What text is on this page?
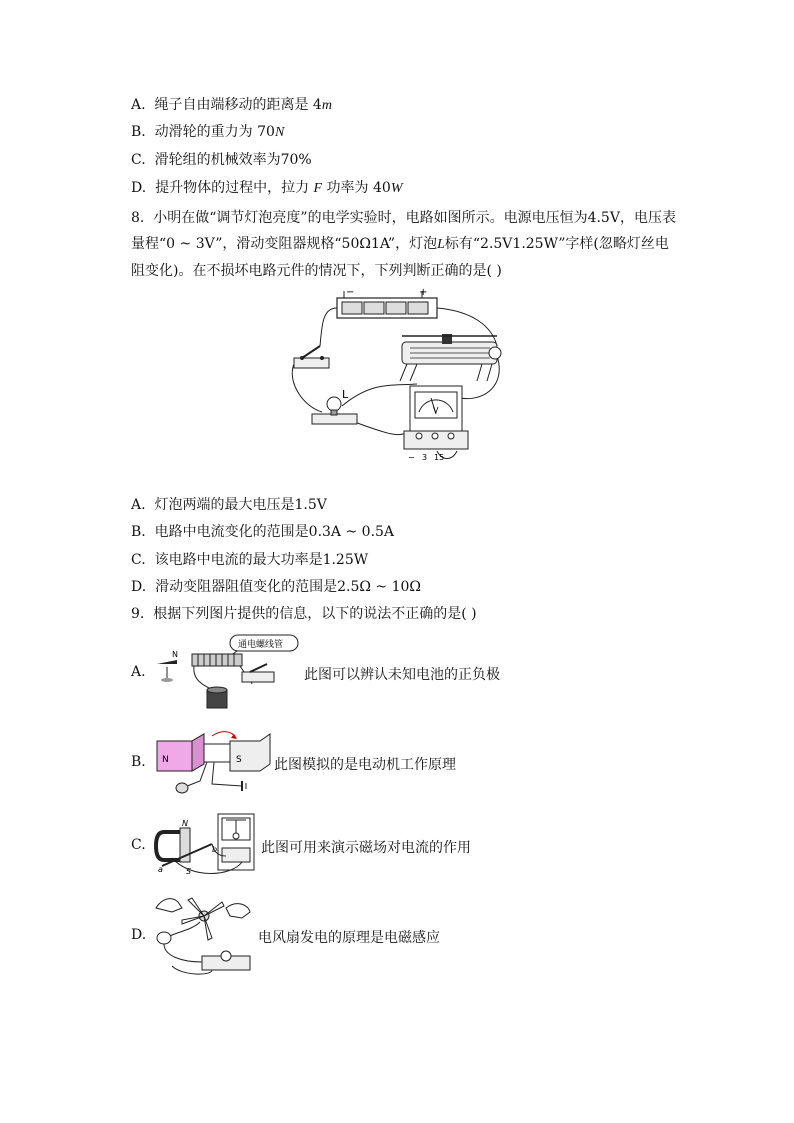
A. 绳子自由端移动的距离是 4m
B. 动滑轮的重力为 70N
C. 滑轮组的机械效率为70%
D. 提升物体的过程中，拉力 F 功率为 40W
8. 小明在做“调节灯泡亮度”的电学实验时，电路如图所示。电源电压恒为4.5V，电压表
量程“0 ~ 3V”，滑动变阻器规格“50Ω1A”，灯泡L标有“2.5V1.25W”字样(忽略灯丝电
阻变化)。在不损坏电路元件的情况下，下列判断正确的是( )
−	+
L
V
− 3 15
A. 灯泡两端的最大电压是1.5V
B. 电路中电流变化的范围是0.3A ~ 0.5A
C. 该电路中电流的最大功率是1.25W
D. 滑动变阻器阻值变化的范围是2.5Ω ~ 10Ω
9. 根据下列图片提供的信息，以下的说法不正确的是( )
A.
通电螺线管
N
此图可以辨认未知电池的正负极
B. N	S 此图模拟的是电动机工作原理
C.
N
S
a
b	此图可用来演示磁场对电流的作用
D.	电风扇发电的原理是电磁感应
